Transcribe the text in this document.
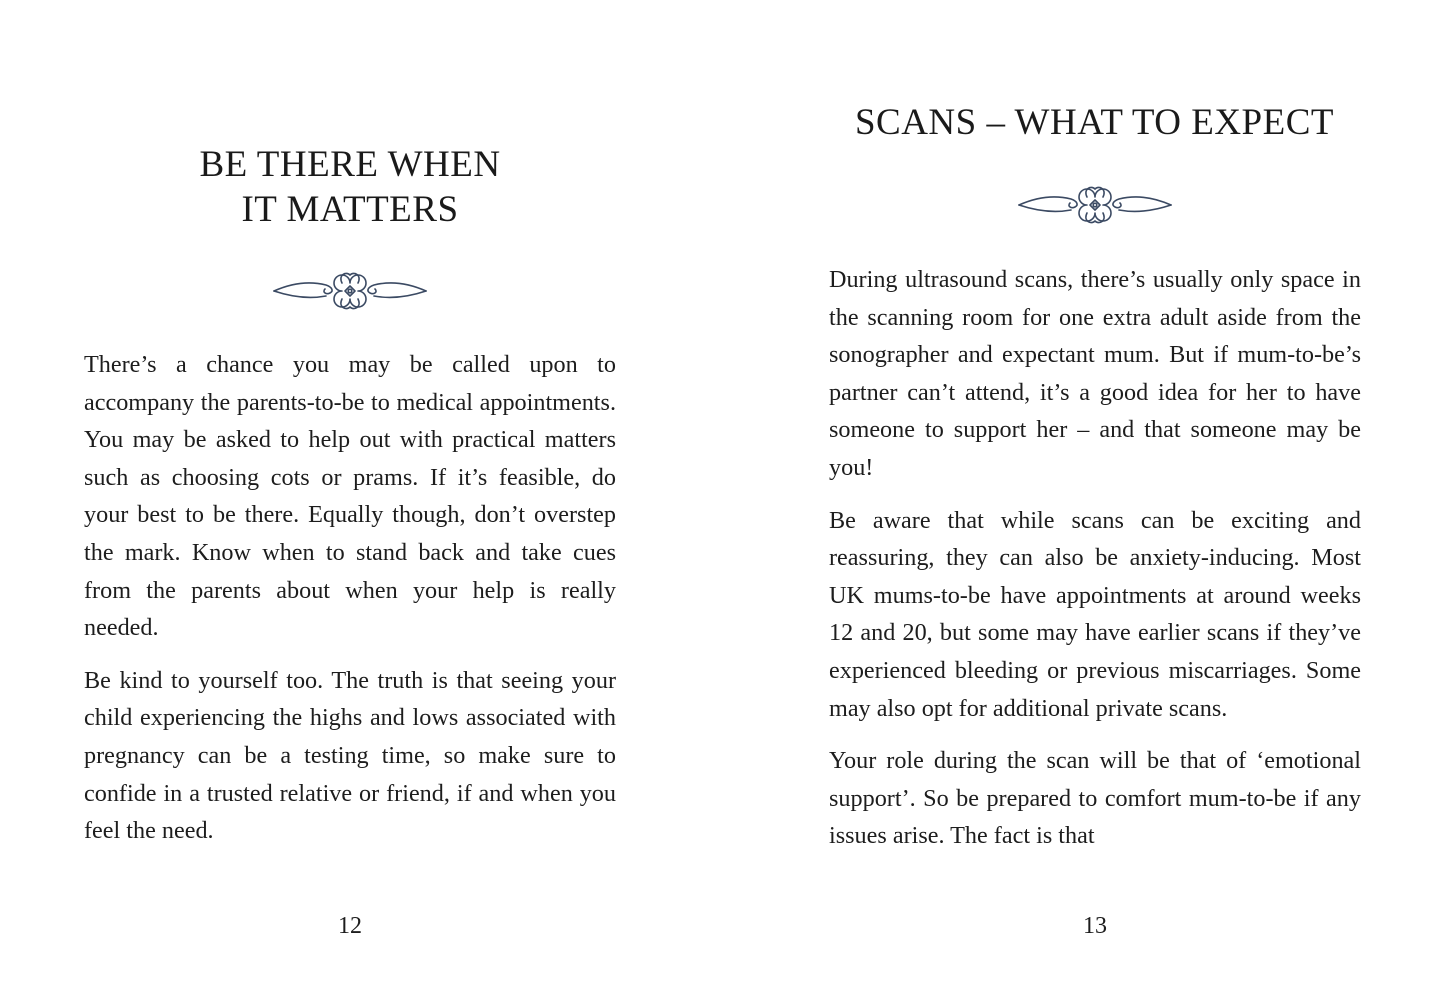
BE THERE WHEN
IT MATTERS

There’s a chance you may be called upon to accompany the parents-to-be to medical appointments. You may be asked to help out with practical matters such as choosing cots or prams. If it’s feasible, do your best to be there. Equally though, don’t overstep the mark. Know when to stand back and take cues from the parents about when your help is really needed.

Be kind to yourself too. The truth is that seeing your child experiencing the highs and lows associated with pregnancy can be a testing time, so make sure to confide in a trusted relative or friend, if and when you feel the need.

12
SCANS – WHAT TO EXPECT

During ultrasound scans, there’s usually only space in the scanning room for one extra adult aside from the sonographer and expectant mum. But if mum-to-be’s partner can’t attend, it’s a good idea for her to have someone to support her – and that someone may be you!

Be aware that while scans can be exciting and reassuring, they can also be anxiety-inducing. Most UK mums-to-be have appointments at around weeks 12 and 20, but some may have earlier scans if they’ve experienced bleeding or previous miscarriages. Some may also opt for additional private scans.

Your role during the scan will be that of ‘emotional support’. So be prepared to comfort mum-to-be if any issues arise. The fact is that

13
